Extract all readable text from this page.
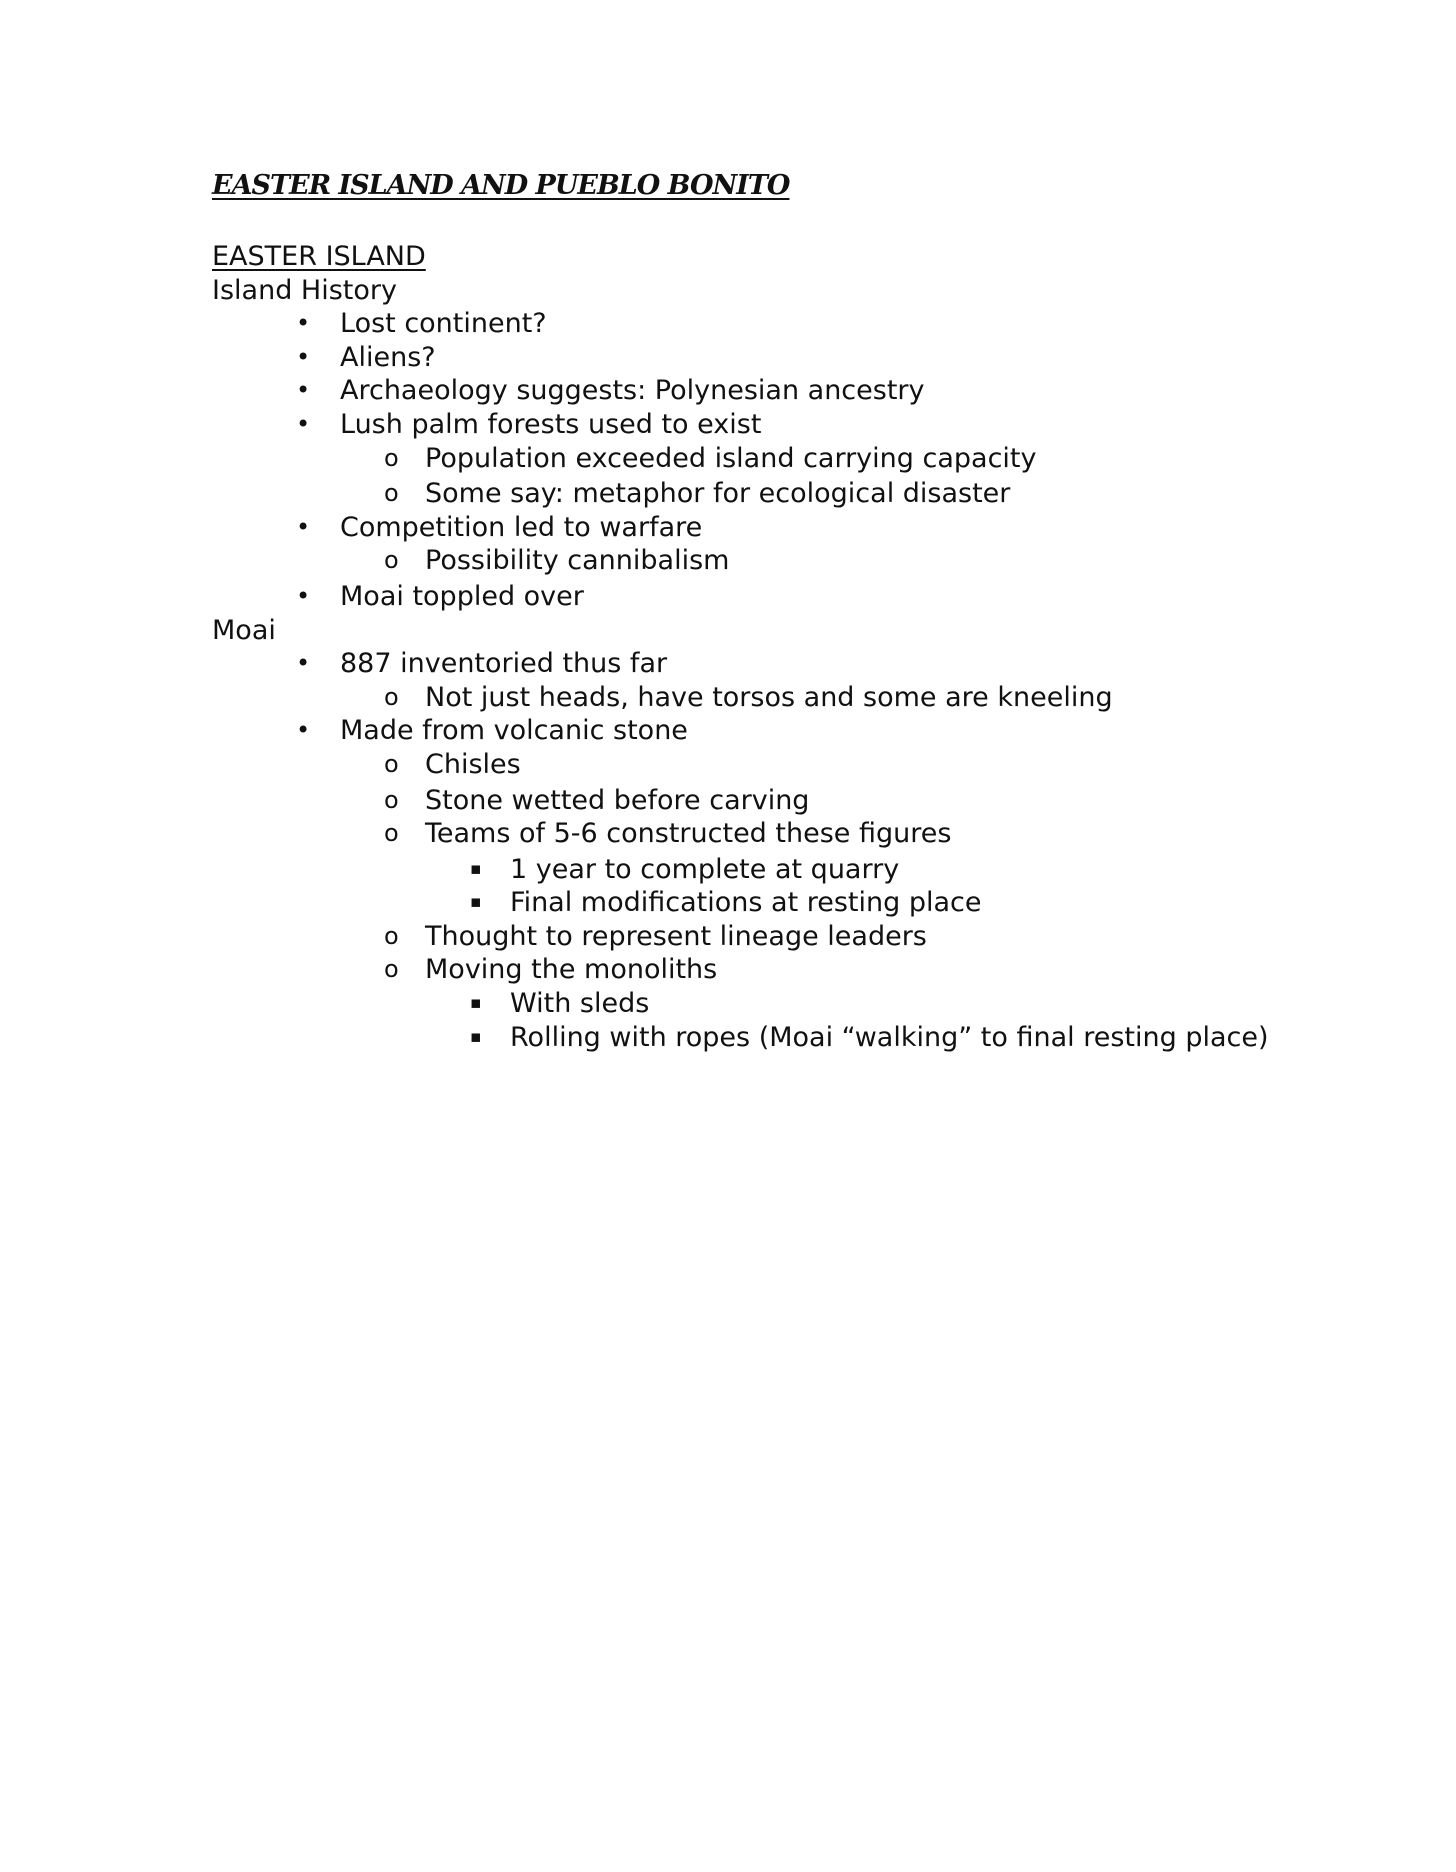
EASTER ISLAND AND PUEBLO BONITO
EASTER ISLAND
Island History
• Lost continent?
• Aliens?
• Archaeology suggests: Polynesian ancestry
• Lush palm forests used to exist
o Population exceeded island carrying capacity
o Some say: metaphor for ecological disaster
• Competition led to warfare
o Possibility cannibalism
• Moai toppled over
Moai
• 887 inventoried thus far
o Not just heads, have torsos and some are kneeling
• Made from volcanic stone
o Chisles
o Stone wetted before carving
o Teams of 5-6 constructed these figures
▪ 1 year to complete at quarry
▪ Final modifications at resting place
o Thought to represent lineage leaders
o Moving the monoliths
▪ With sleds
▪ Rolling with ropes (Moai “walking” to final resting place)
